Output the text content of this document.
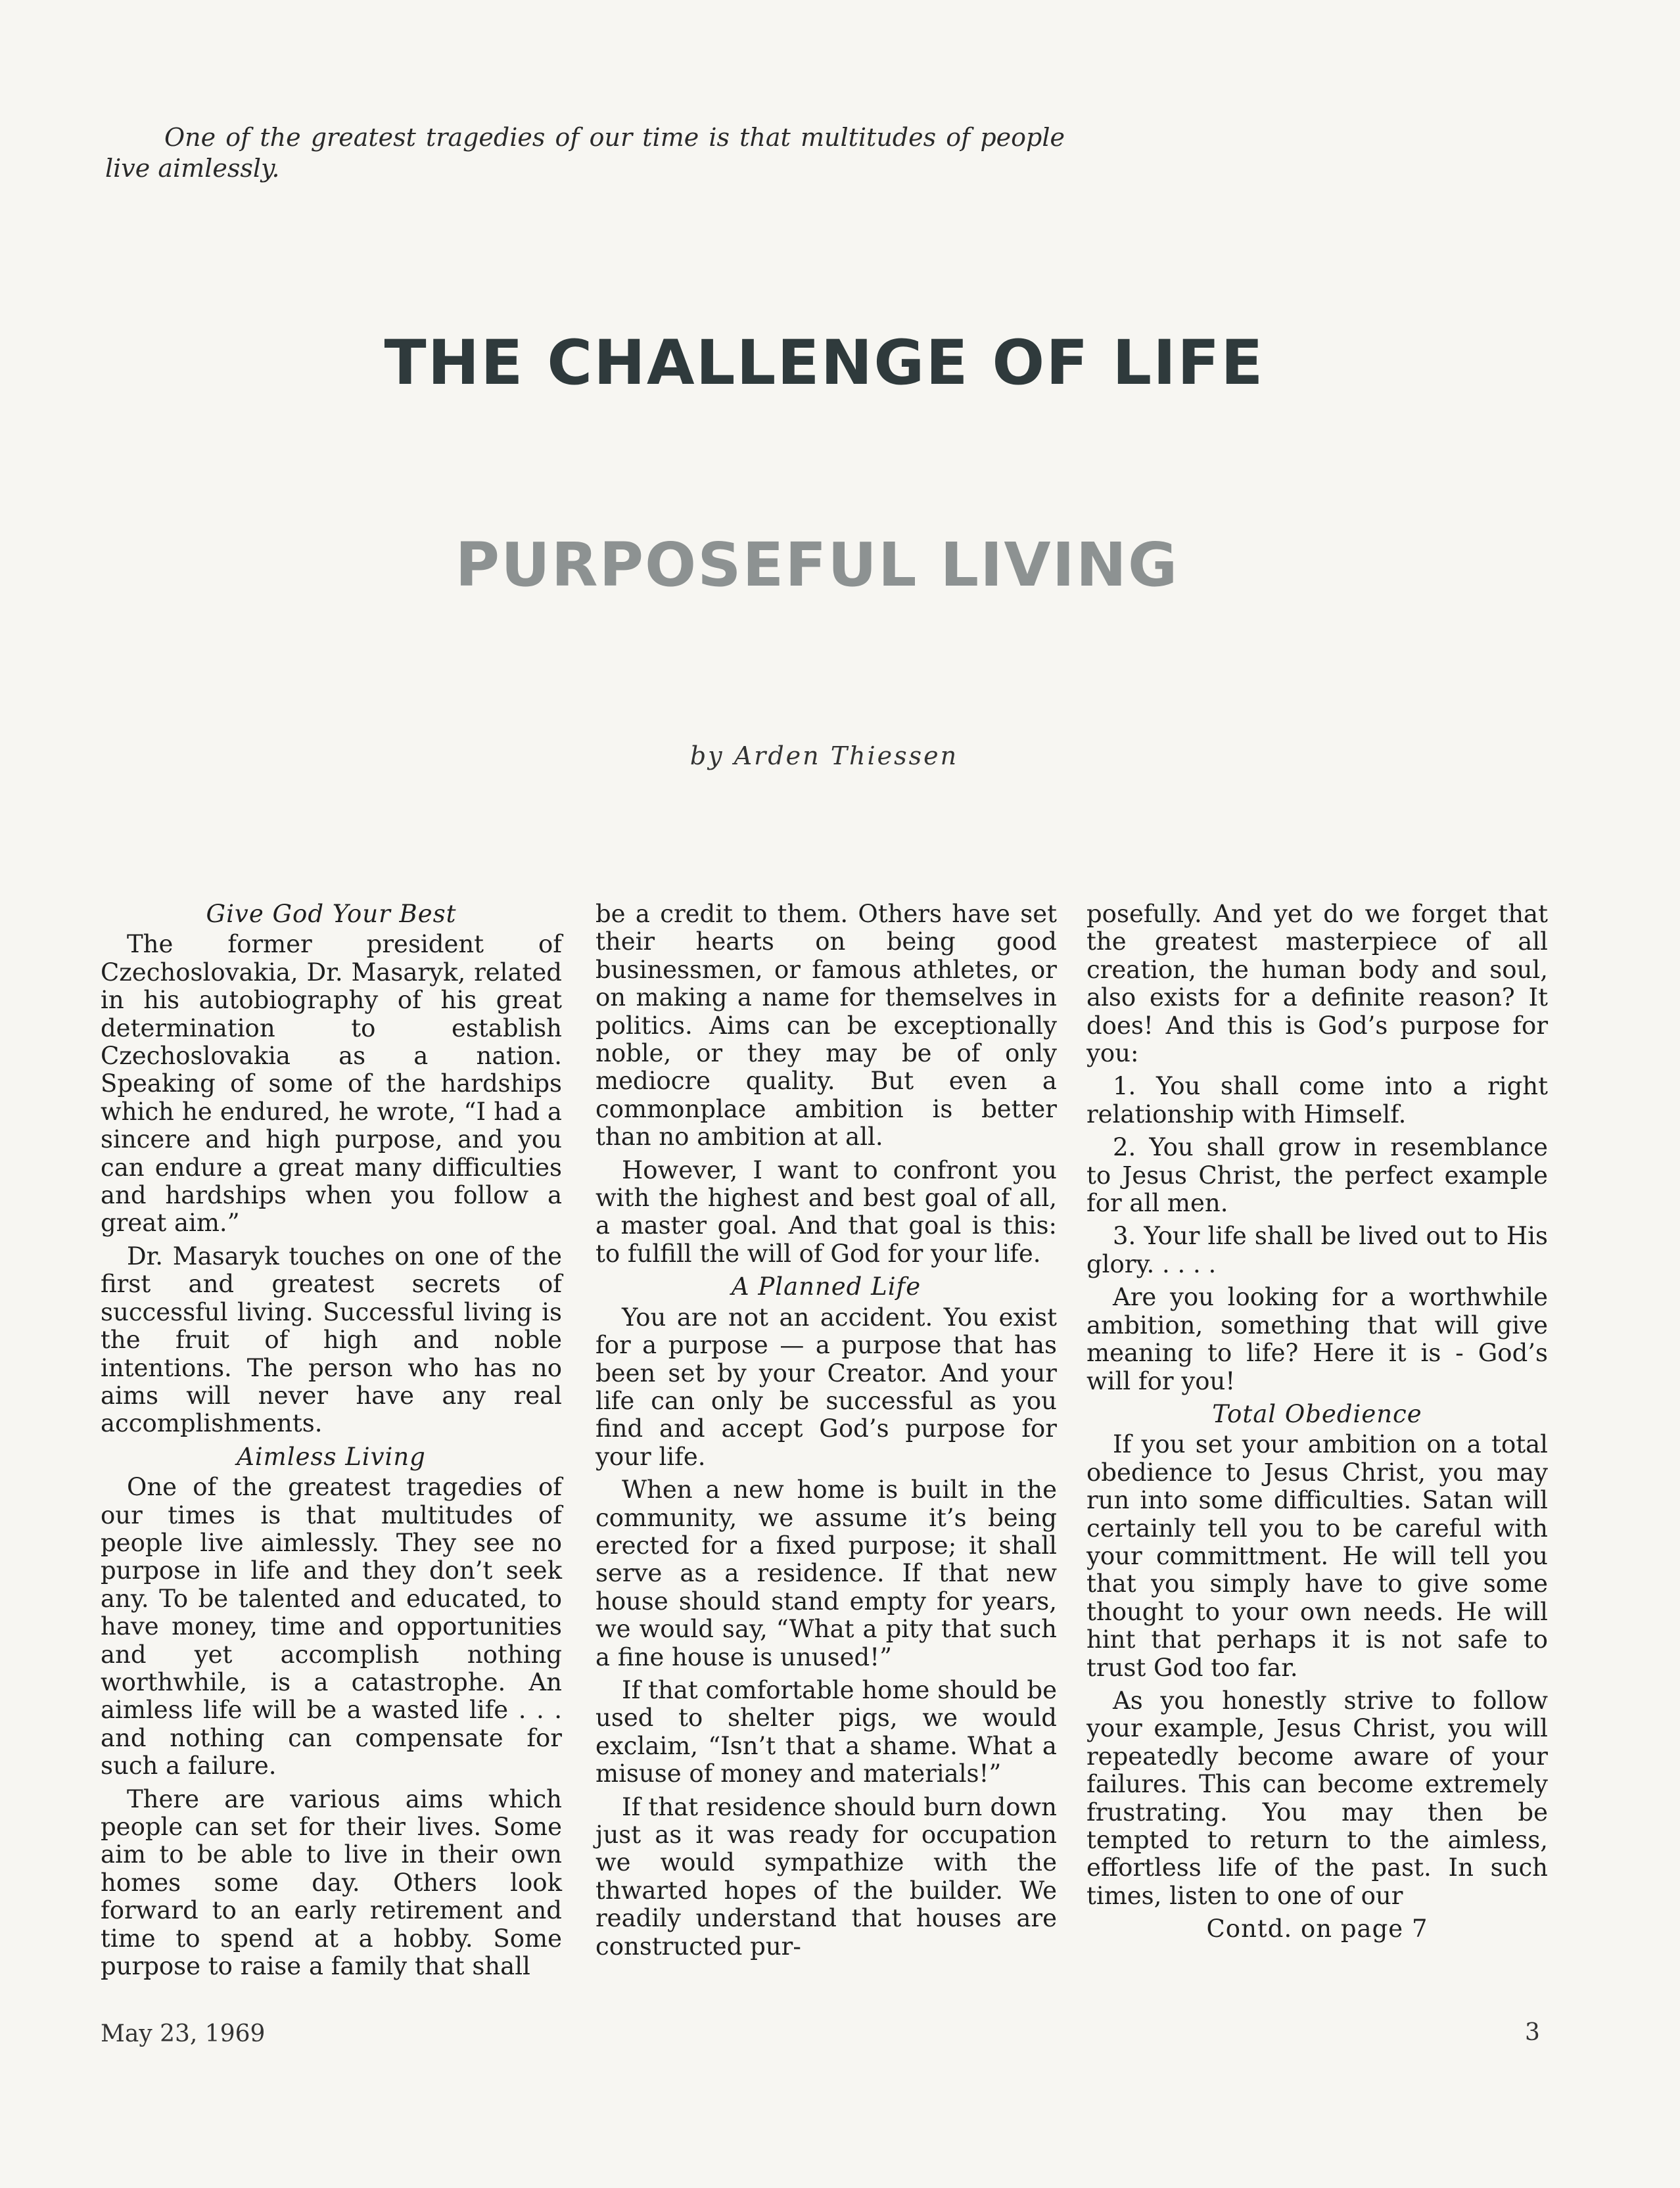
One of the greatest tragedies of our time is that multitudes of people live aimlessly.
THE CHALLENGE OF LIFE
PURPOSEFUL LIVING
by Arden Thiessen
Give God Your Best

The former president of Czechoslovakia, Dr. Masaryk, related in his autobiography of his great determination to establish Czechoslovakia as a nation. Speaking of some of the hardships which he endured, he wrote, “I had a sincere and high purpose, and you can endure a great many difficulties and hardships when you follow a great aim.”

Dr. Masaryk touches on one of the first and greatest secrets of successful living. Successful living is the fruit of high and noble intentions. The person who has no aims will never have any real accomplishments.

Aimless Living

One of the greatest tragedies of our times is that multitudes of people live aimlessly. They see no purpose in life and they don’t seek any. To be talented and educated, to have money, time and opportunities and yet accomplish nothing worthwhile, is a catastrophe. An aimless life will be a wasted life . . . and nothing can compensate for such a failure.

There are various aims which people can set for their lives. Some aim to be able to live in their own homes some day. Others look forward to an early retirement and time to spend at a hobby. Some purpose to raise a family that shall

be a credit to them. Others have set their hearts on being good businessmen, or famous athletes, or on making a name for themselves in politics. Aims can be exceptionally noble, or they may be of only mediocre quality. But even a commonplace ambition is better than no ambition at all.

However, I want to confront you with the highest and best goal of all, a master goal. And that goal is this: to fulfill the will of God for your life.

A Planned Life

You are not an accident. You exist for a purpose — a purpose that has been set by your Creator. And your life can only be successful as you find and accept God’s purpose for your life.

When a new home is built in the community, we assume it’s being erected for a fixed purpose; it shall serve as a residence. If that new house should stand empty for years, we would say, “What a pity that such a fine house is unused!”

If that comfortable home should be used to shelter pigs, we would exclaim, “Isn’t that a shame. What a misuse of money and materials!”

If that residence should burn down just as it was ready for occupation we would sympathize with the thwarted hopes of the builder. We readily understand that houses are constructed pur-

posefully. And yet do we forget that the greatest masterpiece of all creation, the human body and soul, also exists for a definite reason? It does! And this is God’s purpose for you:

1. You shall come into a right relationship with Himself.

2. You shall grow in resemblance to Jesus Christ, the perfect example for all men.

3. Your life shall be lived out to His glory. . . . .

Are you looking for a worthwhile ambition, something that will give meaning to life? Here it is - God’s will for you!

Total Obedience

If you set your ambition on a total obedience to Jesus Christ, you may run into some difficulties. Satan will certainly tell you to be careful with your committment. He will tell you that you simply have to give some thought to your own needs. He will hint that perhaps it is not safe to trust God too far.

As you honestly strive to follow your example, Jesus Christ, you will repeatedly become aware of your failures. This can become extremely frustrating. You may then be tempted to return to the aimless, effortless life of the past. In such times, listen to one of our

Contd. on page 7

May 23, 1969	3
